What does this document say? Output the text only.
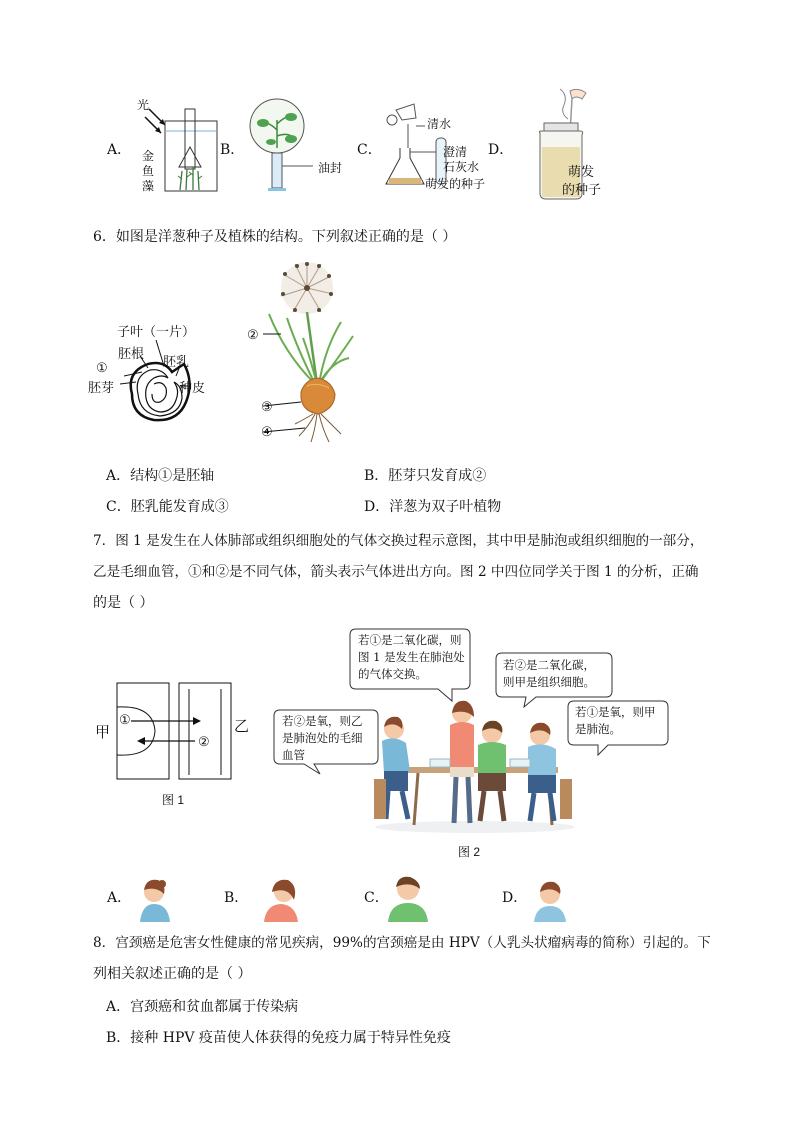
A．	B．	C．	D．
光
金
鱼
藻
油封
清水
澄清
石灰水
萌发的种子
萌发
的种子
6．如图是洋葱种子及植株的结构。下列叙述正确的是（ ）
子叶（一片）
胚根
①	胚乳
胚芽	种皮
②
③
④
A．结构①是胚轴	B．胚芽只发育成②
C．胚乳能发育成③	D．洋葱为双子叶植物
7．图 1 是发生在人体肺部或组织细胞处的气体交换过程示意图，其中甲是肺泡或组织细胞的一部分，
乙是毛细血管，①和②是不同气体，箭头表示气体进出方向。图 2 中四位同学关于图 1 的分析，正确
的是（ ）
甲	乙
①
②
图 1
若②是氧，则乙
是肺泡处的毛细
血管
若①是二氧化碳，则
图 1 是发生在肺泡处
的气体交换。
若②是二氧化碳，
则甲是组织细胞。
若①是氧，则甲
是肺泡。
图 2
A．	B．	C．	D．
8．宫颈癌是危害女性健康的常见疾病，99%的宫颈癌是由 HPV（人乳头状瘤病毒的简称）引起的。下
列相关叙述正确的是（ ）
A．宫颈癌和贫血都属于传染病
B．接种 HPV 疫苗使人体获得的免疫力属于特异性免疫
